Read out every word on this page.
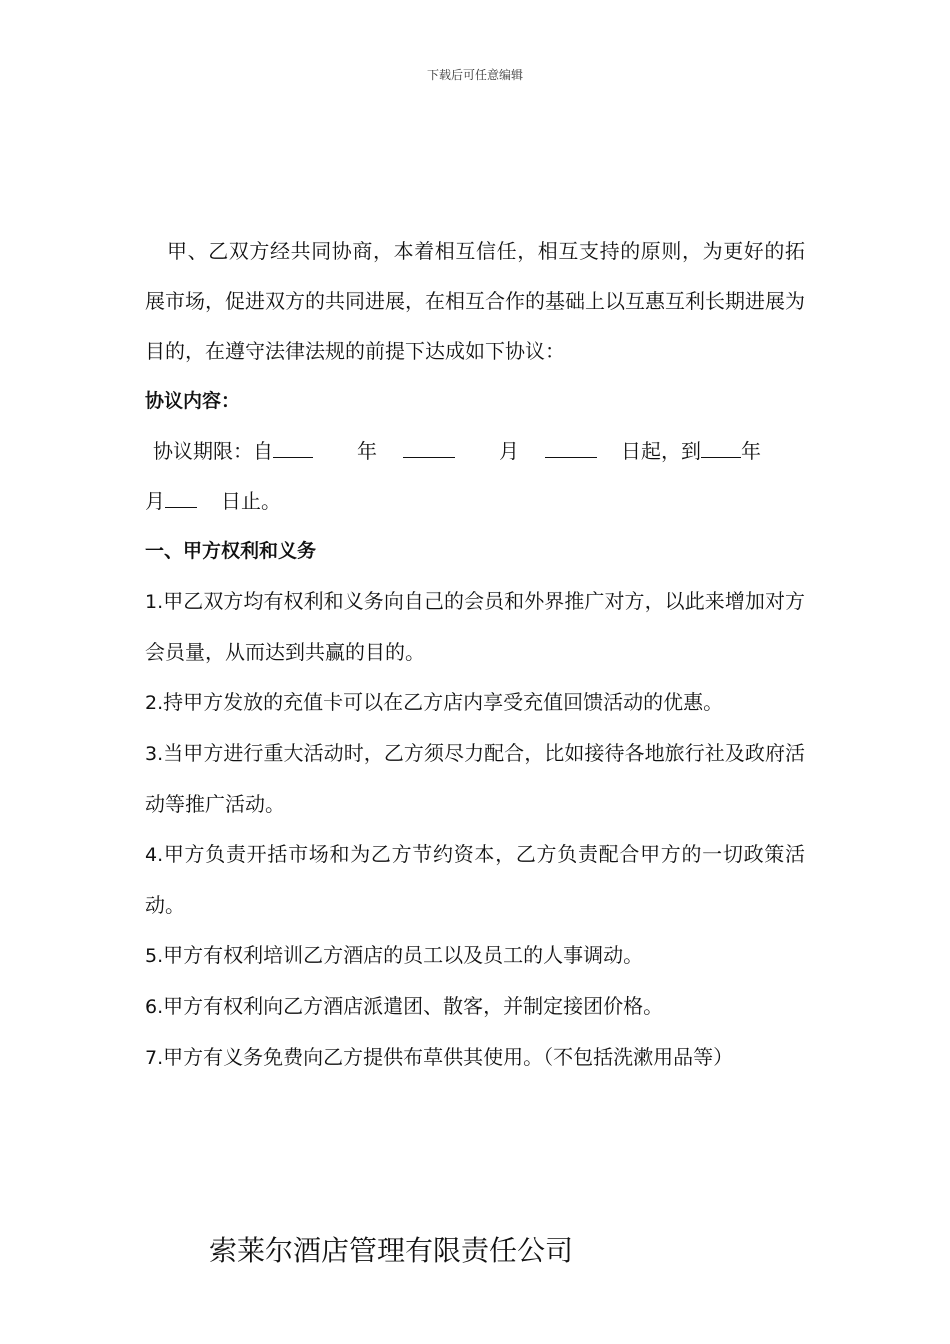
下载后可任意编辑

甲、乙双方经共同协商，本着相互信任，相互支持的原则，为更好的拓展市场，促进双方的共同进展，在相互合作的基础上以互惠互利长期进展为目的，在遵守法律法规的前提下达成如下协议：

协议内容：
协议期限：自	年	月	日起，到 年
月	日止。
一、甲方权利和义务

1.甲乙双方均有权利和义务向自己的会员和外界推广对方，以此来增加对方会员量，从而达到共赢的目的。

2.持甲方发放的充值卡可以在乙方店内享受充值回馈活动的优惠。

3.当甲方进行重大活动时，乙方须尽力配合，比如接待各地旅行社及政府活动等推广活动。

4.甲方负责开括市场和为乙方节约资本，乙方负责配合甲方的一切政策活动。

5.甲方有权利培训乙方酒店的员工以及员工的人事调动。

6.甲方有权利向乙方酒店派遣团、散客，并制定接团价格。

7.甲方有义务免费向乙方提供布草供其使用。（不包括洗漱用品等）

索莱尔酒店管理有限责任公司
